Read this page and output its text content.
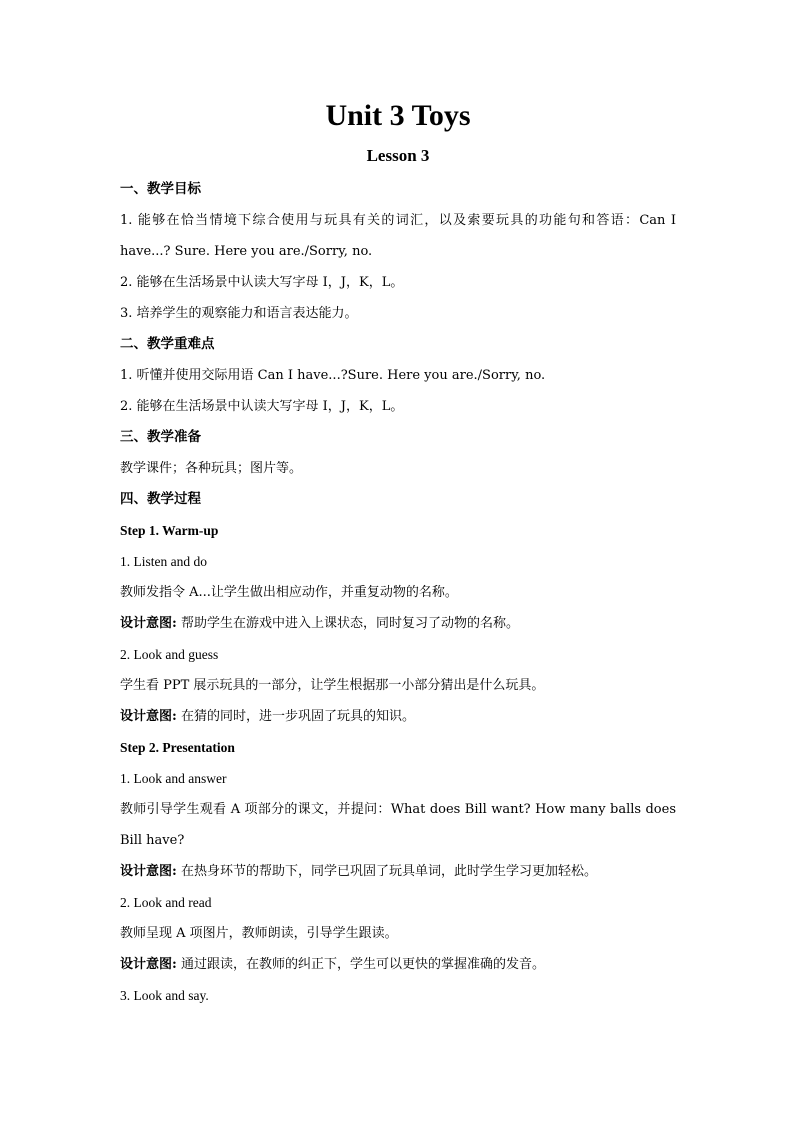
Unit 3 Toys
Lesson 3

一、教学目标

1. 能够在恰当情境下综合使用与玩具有关的词汇，以及索要玩具的功能句和答语：Can I have...? Sure. Here you are./Sorry, no.

2. 能够在生活场景中认读大写字母 I，J，K，L。

3. 培养学生的观察能力和语言表达能力。

二、教学重难点

1. 听懂并使用交际用语 Can I have...?Sure. Here you are./Sorry, no.

2. 能够在生活场景中认读大写字母 I，J，K，L。

三、教学准备

教学课件；各种玩具；图片等。

四、教学过程

Step 1. Warm-up

1. Listen and do

教师发指令 A...让学生做出相应动作，并重复动物的名称。

设计意图: 帮助学生在游戏中进入上课状态，同时复习了动物的名称。

2. Look and guess

学生看 PPT 展示玩具的一部分，让学生根据那一小部分猜出是什么玩具。

设计意图: 在猜的同时，进一步巩固了玩具的知识。

Step 2. Presentation

1. Look and answer

教师引导学生观看 A 项部分的课文，并提问：What does Bill want? How many balls does Bill have?

设计意图: 在热身环节的帮助下，同学已巩固了玩具单词，此时学生学习更加轻松。

2. Look and read

教师呈现 A 项图片，教师朗读，引导学生跟读。

设计意图: 通过跟读，在教师的纠正下，学生可以更快的掌握准确的发音。

3. Look and say.
